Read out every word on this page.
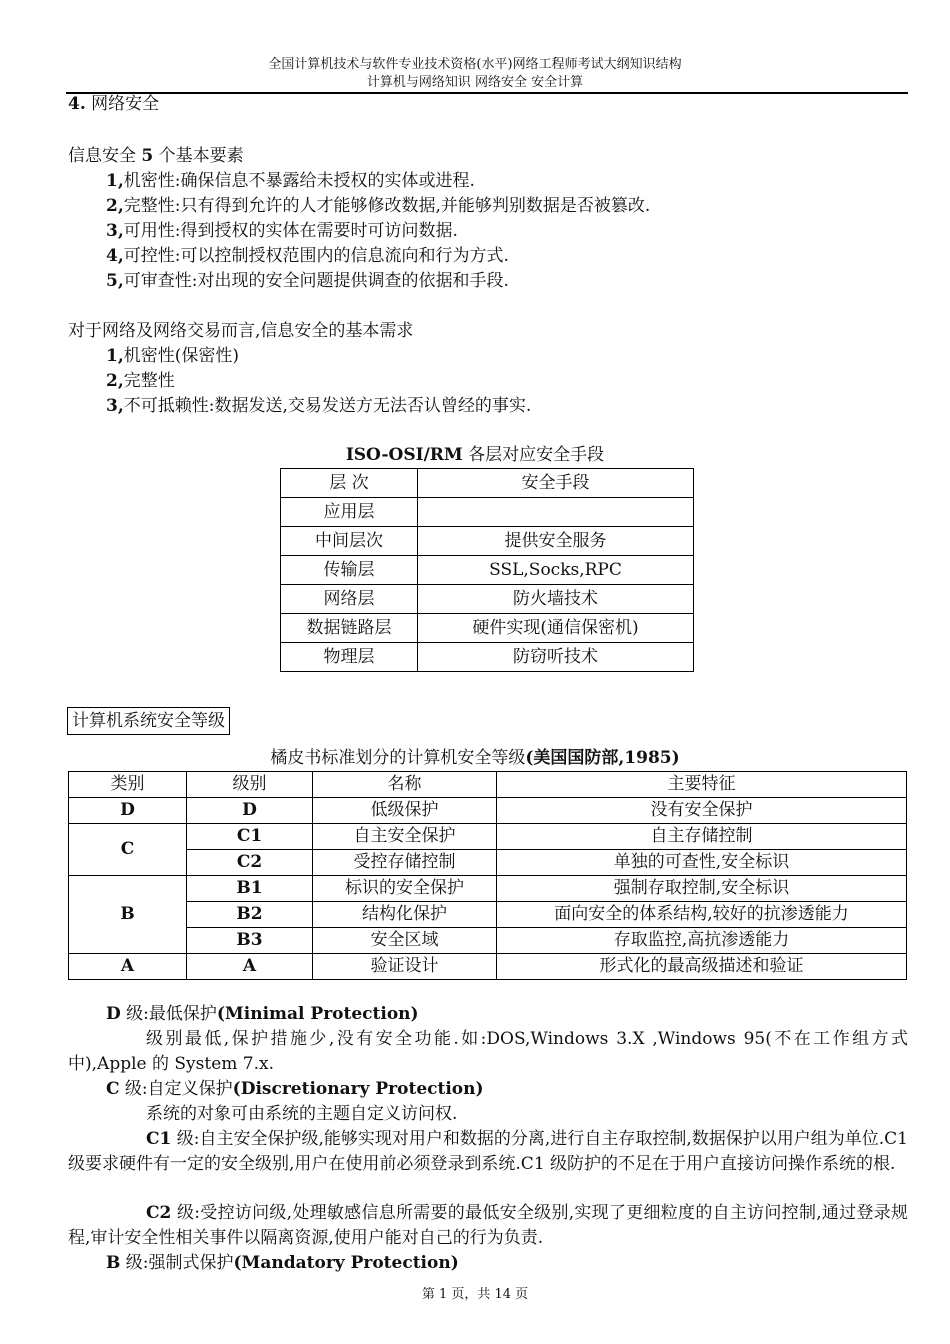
全国计算机技术与软件专业技术资格(水平)网络工程师考试大纲知识结构
计算机与网络知识 网络安全 安全计算
4. 网络安全
信息安全 5 个基本要素
1,机密性:确保信息不暴露给未授权的实体或进程.
2,完整性:只有得到允许的人才能够修改数据,并能够判别数据是否被篡改.
3,可用性:得到授权的实体在需要时可访问数据.
4,可控性:可以控制授权范围内的信息流向和行为方式.
5,可审查性:对出现的安全问题提供调查的依据和手段.
对于网络及网络交易而言,信息安全的基本需求
1,机密性(保密性)
2,完整性
3,不可抵赖性:数据发送,交易发送方无法否认曾经的事实.
ISO-OSI/RM 各层对应安全手段
层 次	安全手段
应用层	
中间层次	提供安全服务
传输层	SSL,Socks,RPC
网络层	防火墙技术
数据链路层	硬件实现(通信保密机)
物理层	防窃听技术
计算机系统安全等级
橘皮书标准划分的计算机安全等级(美国国防部,1985)
类别	级别	名称	主要特征
D	D	低级保护	没有安全保护
C	C1	自主安全保护	自主存储控制
	C2	受控存储控制	单独的可查性,安全标识
B	B1	标识的安全保护	强制存取控制,安全标识
	B2	结构化保护	面向安全的体系结构,较好的抗渗透能力
	B3	安全区域	存取监控,高抗渗透能力
A	A	验证设计	形式化的最高级描述和验证
D 级:最低保护(Minimal Protection)
级别最低,保护措施少,没有安全功能.如:DOS,Windows 3.X ,Windows 95(不在工作组方式中),Apple 的 System 7.x.
C 级:自定义保护(Discretionary Protection)
系统的对象可由系统的主题自定义访问权.
C1 级:自主安全保护级,能够实现对用户和数据的分离,进行自主存取控制,数据保护以用户组为单位.C1 级要求硬件有一定的安全级别,用户在使用前必须登录到系统.C1 级防护的不足在于用户直接访问操作系统的根.
C2 级:受控访问级,处理敏感信息所需要的最低安全级别,实现了更细粒度的自主访问控制,通过登录规程,审计安全性相关事件以隔离资源,使用户能对自己的行为负责.
B 级:强制式保护(Mandatory Protection)
第 1 页，共 14 页
